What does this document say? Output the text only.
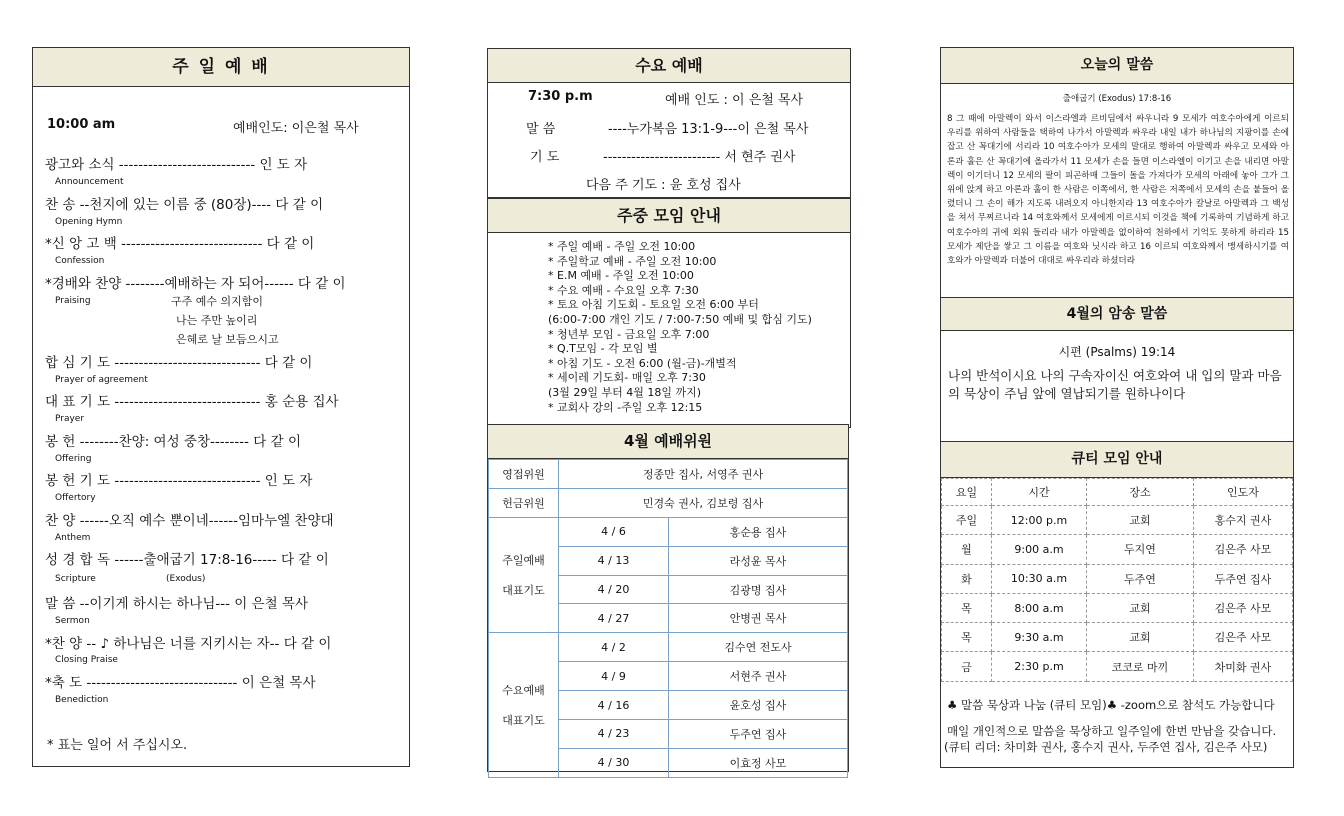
주 일 예 배
10:00 am	예배인도: 이은철 목사
광고와 소식 ---------------------------- 인 도 자
Announcement
찬 송 --천지에 있는 이름 중 (80장)---- 다 같 이
Opening Hymn
*신 앙 고 백 ----------------------------- 다 같 이
Confession
*경배와 찬양 --------예배하는 자 되어------ 다 같 이
Praising	구주 예수 의지함이
나는 주만 높이리
은혜로 날 보듬으시고
합 심 기 도 ------------------------------ 다 같 이
Prayer of agreement
대 표 기 도 ------------------------------ 홍 순용 집사
Prayer
봉 헌 --------찬양: 여성 중창-------- 다 같 이
Offering
봉 헌 기 도 ------------------------------ 인 도 자
Offertory
찬 양 ------오직 예수 뿐이네------임마누엘 찬양대
Anthem
성 경 합 독 ------출애굽기 17:8-16----- 다 같 이
Scripture	(Exodus)
말 씀 --이기게 하시는 하나님--- 이 은철 목사
Sermon
*찬 양 -- ♪ 하나님은 너를 지키시는 자-- 다 같 이
Closing Praise
*축 도 ------------------------------- 이 은철 목사
Benediction
* 표는 일어 서 주십시오.
수요 예배
7:30 p.m	예배 인도 : 이 은철 목사
말 씀	----누가복음 13:1-9---이 은철 목사
기 도	------------------------- 서 현주 권사
다음 주 기도 : 윤 호성 집사
주중 모임 안내
* 주일 예배 - 주일 오전 10:00
* 주일학교 예배 - 주일 오전 10:00
* E.M 예배 - 주일 오전 10:00
* 수요 예배 - 수요일 오후 7:30
* 토요 아침 기도회 - 토요일 오전 6:00 부터
(6:00-7:00 개인 기도 / 7:00-7:50 예배 및 합심 기도)
* 청년부 모임 - 금요일 오후 7:00
* Q.T모임 - 각 모임 별
* 아침 기도 - 오전 6:00 (월-금)-개별적
* 세이레 기도회- 매일 오후 7:30
(3월 29일 부터 4월 18일 까지)
* 교회사 강의 -주일 오후 12:15
4월 예배위원
영접위원	정종만 집사, 서영주 권사	
헌금위원	민경숙 권사, 김보령 집사	

주일예배
대표기도	4 / 6	홍순용 집사
	4 / 13	라성윤 목사
	4 / 20	김광명 집사
	4 / 27	안병권 목사

수요예배
대표기도	4 / 2	김수연 전도사
	4 / 9	서현주 권사
	4 / 16	윤호성 집사
	4 / 23	두주연 집사
	4 / 30	이효정 사모
오늘의 말씀
출애굽기 (Exodus) 17:8-16
8 그 때에 아말렉이 와서 이스라엘과 르비딤에서 싸우니라 9 모세가 여호수아에게 이르되 우리를 위하여 사람들을 택하여 나가서 아말렉과 싸우라 내일 내가 하나님의 지팡이를 손에 잡고 산 꼭대기에 서리라 10 여호수아가 모세의 말대로 행하여 아말렉과 싸우고 모세와 아론과 훌은 산 꼭대기에 올라가서 11 모세가 손을 들면 이스라엘이 이기고 손을 내리면 아말렉이 이기더니 12 모세의 팔이 피곤하매 그들이 돌을 가져다가 모세의 아래에 놓아 그가 그 위에 앉게 하고 아론과 훌이 한 사람은 이쪽에서, 한 사람은 저쪽에서 모세의 손을 붙들어 올렸더니 그 손이 해가 지도록 내려오지 아니한지라 13 여호수아가 칼날로 아말렉과 그 백성을 쳐서 무찌르니라 14 여호와께서 모세에게 이르시되 이것을 책에 기록하여 기념하게 하고 여호수아의 귀에 외워 들리라 내가 아말렉을 없이하여 천하에서 기억도 못하게 하리라 15 모세가 제단을 쌓고 그 이름을 여호와 닛시라 하고 16 이르되 여호와께서 맹세하시기를 여호와가 아말렉과 더불어 대대로 싸우리라 하셨더라
4월의 암송 말씀
시편 (Psalms) 19:14
나의 반석이시요 나의 구속자이신 여호와여 내 입의 말과 마음의 묵상이 주님 앞에 열납되기를 원하나이다
큐티 모임 안내
요일	시간	장소	인도자
주일	12:00 p.m	교회	홍수지 권사
월	9:00 a.m	두지연	김은주 사모
화	10:30 a.m	두주연	두주연 집사
목	8:00 a.m	교회	김은주 사모
목	9:30 a.m	교회	김은주 사모
금	2:30 p.m	코코로 마끼	차미화 권사
♣ 말씀 묵상과 나눔 (큐티 모임)♣ -zoom으로 참석도 가능합니다
매일 개인적으로 말씀을 묵상하고 일주일에 한번 만남을 갖습니다.
(큐티 리더: 차미화 권사, 홍수지 권사, 두주연 집사, 김은주 사모)
